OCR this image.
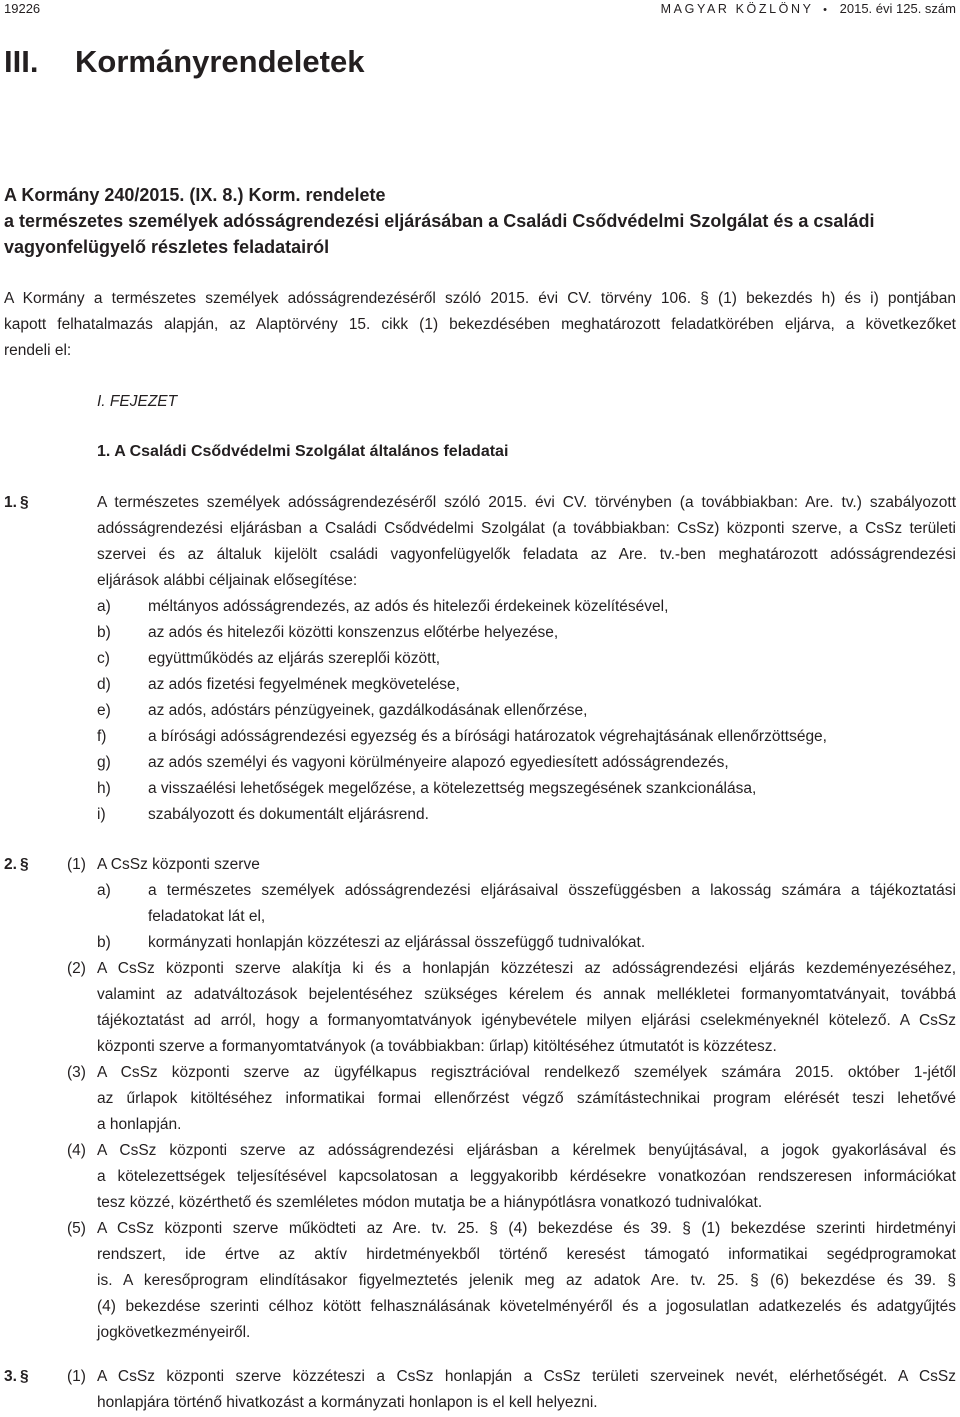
19226	MAGYAR KÖZLÖNY • 2015. évi 125. szám
III. Kormányrendeletek
A Kormány 240/2015. (IX. 8.) Korm. rendelete
a természetes személyek adósságrendezési eljárásában a Családi Csődvédelmi Szolgálat és a családi
vagyonfelügyelő részletes feladatairól
A Kormány a természetes személyek adósságrendezéséről szóló 2015. évi CV. törvény 106. § (1) bekezdés h) és i) pontjában
kapott felhatalmazás alapján, az Alaptörvény 15. cikk (1) bekezdésében meghatározott feladatkörében eljárva, a következőket
rendeli el:
I. FEJEZET
1. A Családi Csődvédelmi Szolgálat általános feladatai
1. §	A természetes személyek adósságrendezéséről szóló 2015. évi CV. törvényben (a továbbiakban: Are. tv.) szabályozott
adósságrendezési eljárásban a Családi Csődvédelmi Szolgálat (a továbbiakban: CsSz) központi szerve, a CsSz területi
szervei és az általuk kijelölt családi vagyonfelügyelők feladata az Are. tv.-ben meghatározott adósságrendezési
eljárások alábbi céljainak elősegítése:
a) méltányos adósságrendezés, az adós és hitelezői érdekeinek közelítésével,
b) az adós és hitelezői közötti konszenzus előtérbe helyezése,
c) együttműködés az eljárás szereplői között,
d) az adós fizetési fegyelmének megkövetelése,
e) az adós, adóstárs pénzügyeinek, gazdálkodásának ellenőrzése,
f)	a bírósági adósságrendezési egyezség és a bírósági határozatok végrehajtásának ellenőrzöttsége,
g) az adós személyi és vagyoni körülményeire alapozó egyediesített adósságrendezés,
h) a visszaélési lehetőségek megelőzése, a kötelezettség megszegésének szankcionálása,
i)	szabályozott és dokumentált eljárásrend.
2. § (1) A CsSz központi szerve
a) a természetes személyek adósságrendezési eljárásaival összefüggésben a lakosság számára a tájékoztatási
feladatokat lát el,
b) kormányzati honlapján közzéteszi az eljárással összefüggő tudnivalókat.
(2) A CsSz központi szerve alakítja ki és a honlapján közzéteszi az adósságrendezési eljárás kezdeményezéséhez,
valamint az adatváltozások bejelentéséhez szükséges kérelem és annak mellékletei formanyomtatványait, továbbá
tájékoztatást ad arról, hogy a formanyomtatványok igénybevétele milyen eljárási cselekményeknél kötelező. A CsSz
központi szerve a formanyomtatványok (a továbbiakban: űrlap) kitöltéséhez útmutatót is közzétesz.
(3) A CsSz központi szerve az ügyfélkapus regisztrációval rendelkező személyek számára 2015. október 1-jétől
az űrlapok kitöltéséhez informatikai formai ellenőrzést végző számítástechnikai program elérését teszi lehetővé
a honlapján.
(4) A CsSz központi szerve az adósságrendezési eljárásban a kérelmek benyújtásával, a jogok gyakorlásával és
a kötelezettségek teljesítésével kapcsolatosan a leggyakoribb kérdésekre vonatkozóan rendszeresen információkat
tesz közzé, közérthető és szemléletes módon mutatja be a hiánypótlásra vonatkozó tudnivalókat.
(5) A CsSz központi szerve működteti az Are. tv. 25. § (4) bekezdése és 39. § (1) bekezdése szerinti hirdetményi
rendszert, ide értve az aktív hirdetményekből történő keresést támogató informatikai segédprogramokat
is. A keresőprogram elindításakor figyelmeztetés jelenik meg az adatok Are. tv. 25. § (6) bekezdése és 39. §
(4) bekezdése szerinti célhoz kötött felhasználásának követelményéről és a jogosulatlan adatkezelés és adatgyűjtés
jogkövetkezményeiről.
3. § (1) A CsSz központi szerve közzéteszi a CsSz honlapján a CsSz területi szerveinek nevét, elérhetőségét. A CsSz
honlapjára történő hivatkozást a kormányzati honlapon is el kell helyezni.
